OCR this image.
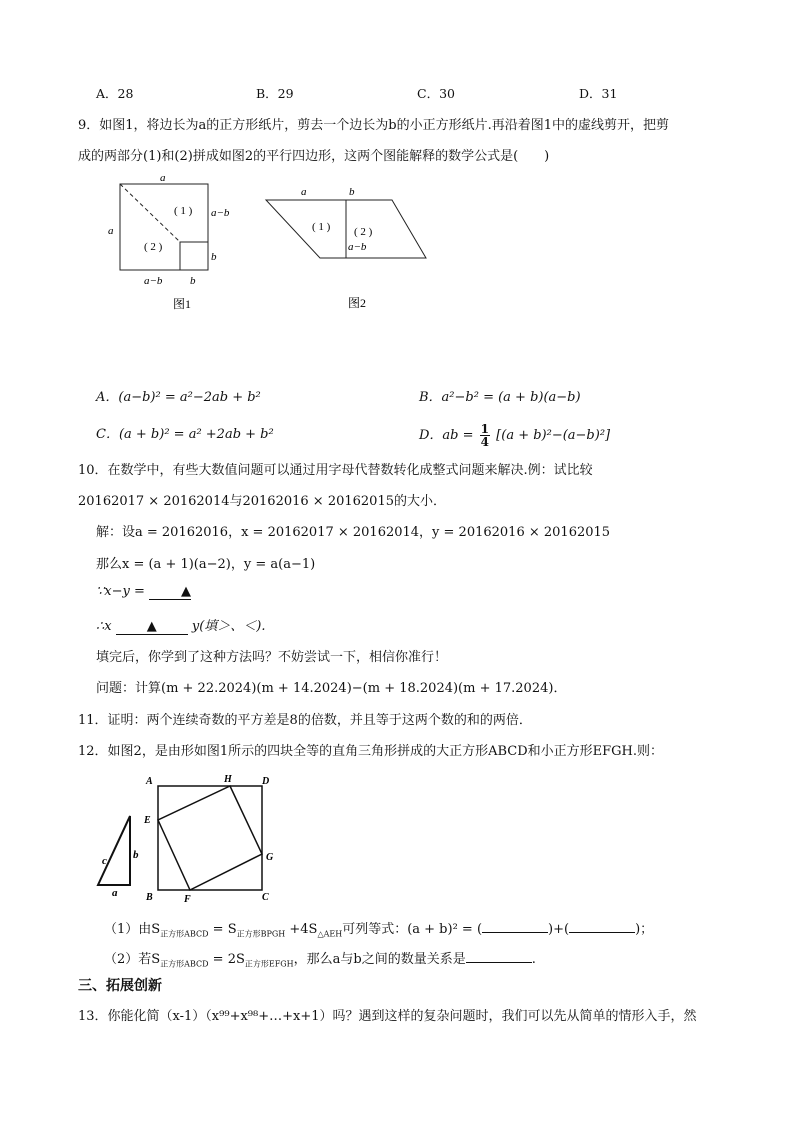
A．28	B．29	C．30	D．31
9．如图1，将边长为a的正方形纸片，剪去一个边长为b的小正方形纸片.再沿着图1中的虚线剪开，把剪
成的两部分(1)和(2)拼成如图2的平行四边形，这两个图能解释的数学公式是(　　)
a
a
a−b
b
a−b	b
( 1 )
( 2 )
图1
a	b
( 1 ) ( 2 )
a−b
图2
A．(a−b)² = a²−2ab + b²	B．a²−b² = (a + b)(a−b)
C．(a + b)² = a² +2ab + b²	D．ab = $\frac{1}{4} [(a + b)^2-(a-b)^2]$
10．在数学中，有些大数值问题可以通过用字母代替数转化成整式问题来解决.例：试比较
20162017 × 20162014与20162016 × 20162015的大小．
解：设a = 20162016，x = 20162017 × 20162014，y = 20162016 × 20162015
那么x = (a + 1)(a−2)，y = a(a−1)
∵x−y =	▲
∴x	▲	y(填＞、＜).
填完后，你学到了这种方法吗？不妨尝试一下，相信你准行！
问题：计算(m + 22.2024)(m + 14.2024)−(m + 18.2024)(m + 17.2024)．
11．证明：两个连续奇数的平方差是8的倍数，并且等于这两个数的和的两倍．
12．如图2，是由形如图1所示的四块全等的直角三角形拼成的大正方形ABCD和小正方形EFGH.则：
c b
a
A	H	D
E
G
B	F	C
（1）由$S_{正方形ABCD} = S_{正方形BPGH} +4S_{\triangle AEH}$可列等式：(a + b)² = (	)+(	)；
（2）若$S_{正方形ABCD} = 2S_{正方形EFGH}$，那么a与b之间的数量关系是	.
三、拓展创新
13．你能化简（x-1）（x⁹⁹+x⁹⁸+…+x+1）吗？遇到这样的复杂问题时，我们可以先从简单的情形入手，然
